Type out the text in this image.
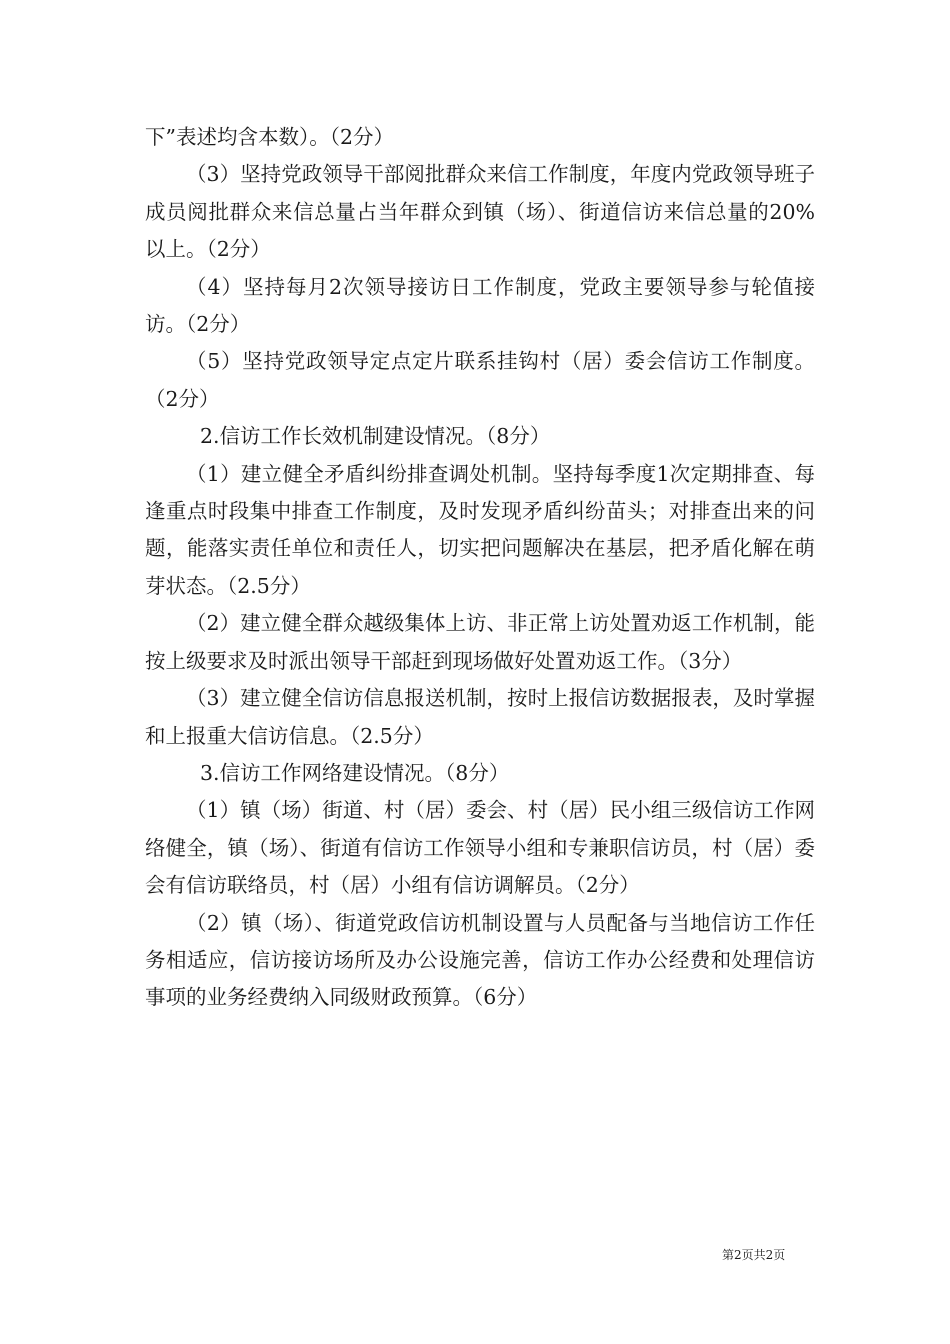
下”表述均含本数）。（2分）

（3）坚持党政领导干部阅批群众来信工作制度，年度内党政领导班子成员阅批群众来信总量占当年群众到镇（场）、街道信访来信总量的20%以上。（2分）

（4）坚持每月2次领导接访日工作制度，党政主要领导参与轮值接访。（2分）

（5）坚持党政领导定点定片联系挂钩村（居）委会信访工作制度。（2分）

2.信访工作长效机制建设情况。（8分）

（1）建立健全矛盾纠纷排查调处机制。坚持每季度1次定期排查、每逢重点时段集中排查工作制度，及时发现矛盾纠纷苗头；对排查出来的问题，能落实责任单位和责任人，切实把问题解决在基层，把矛盾化解在萌芽状态。（2.5分）

（2）建立健全群众越级集体上访、非正常上访处置劝返工作机制，能按上级要求及时派出领导干部赶到现场做好处置劝返工作。（3分）

（3）建立健全信访信息报送机制，按时上报信访数据报表，及时掌握和上报重大信访信息。（2.5分）

3.信访工作网络建设情况。（8分）

（1）镇（场）街道、村（居）委会、村（居）民小组三级信访工作网络健全，镇（场）、街道有信访工作领导小组和专兼职信访员，村（居）委会有信访联络员，村（居）小组有信访调解员。（2分）

（2）镇（场）、街道党政信访机制设置与人员配备与当地信访工作任务相适应，信访接访场所及办公设施完善，信访工作办公经费和处理信访事项的业务经费纳入同级财政预算。（6分）

第2页共2页
